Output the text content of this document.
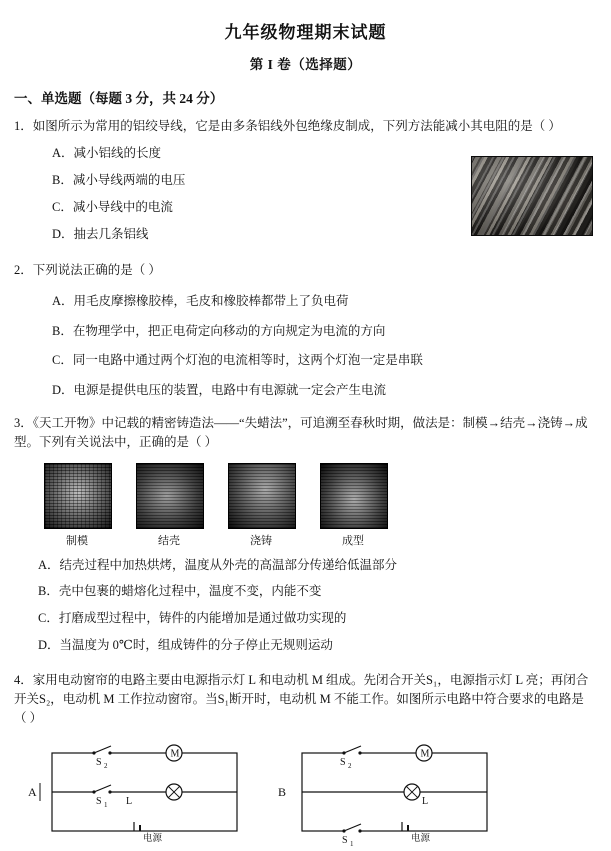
九年级物理期末试题
第 I 卷（选择题）
一、单选题（每题 3 分，共 24 分）
1．如图所示为常用的铝绞导线，它是由多条铝线外包绝缘皮制成，下列方法能减小其电阻的是（ ）
A．减小铝线的长度
B．减小导线两端的电压
C．减小导线中的电流
D．抽去几条铝线
2．下列说法正确的是（ ）
A．用毛皮摩擦橡胶棒，毛皮和橡胶棒都带上了负电荷
B．在物理学中，把正电荷定向移动的方向规定为电流的方向
C．同一电路中通过两个灯泡的电流相等时，这两个灯泡一定是串联
D．电源是提供电压的装置，电路中有电源就一定会产生电流
3．《天工开物》中记载的精密铸造法——“失蜡法”，可追溯至春秋时期，做法是：制模→结壳→浇铸→成型。下列有关说法中，正确的是（ ）
制模	结壳	浇铸	成型
A．结壳过程中加热烘烤，温度从外壳的高温部分传递给低温部分
B．壳中包裹的蜡熔化过程中，温度不变，内能不变
C．打磨成型过程中，铸件的内能增加是通过做功实现的
D．当温度为 0℃时，组成铸件的分子停止无规则运动
4．家用电动窗帘的电路主要由电源指示灯 L 和电动机 M 组成。先闭合开关S₁，电源指示灯 L 亮；再闭合开关S₂，电动机 M 工作拉动窗帘。当S₁断开时，电动机 M 不能工作。如图所示电路中符合要求的电路是（ ）
S 2
M
S 1 L
电源
A
S 2
M
L
S 1	电源
B
